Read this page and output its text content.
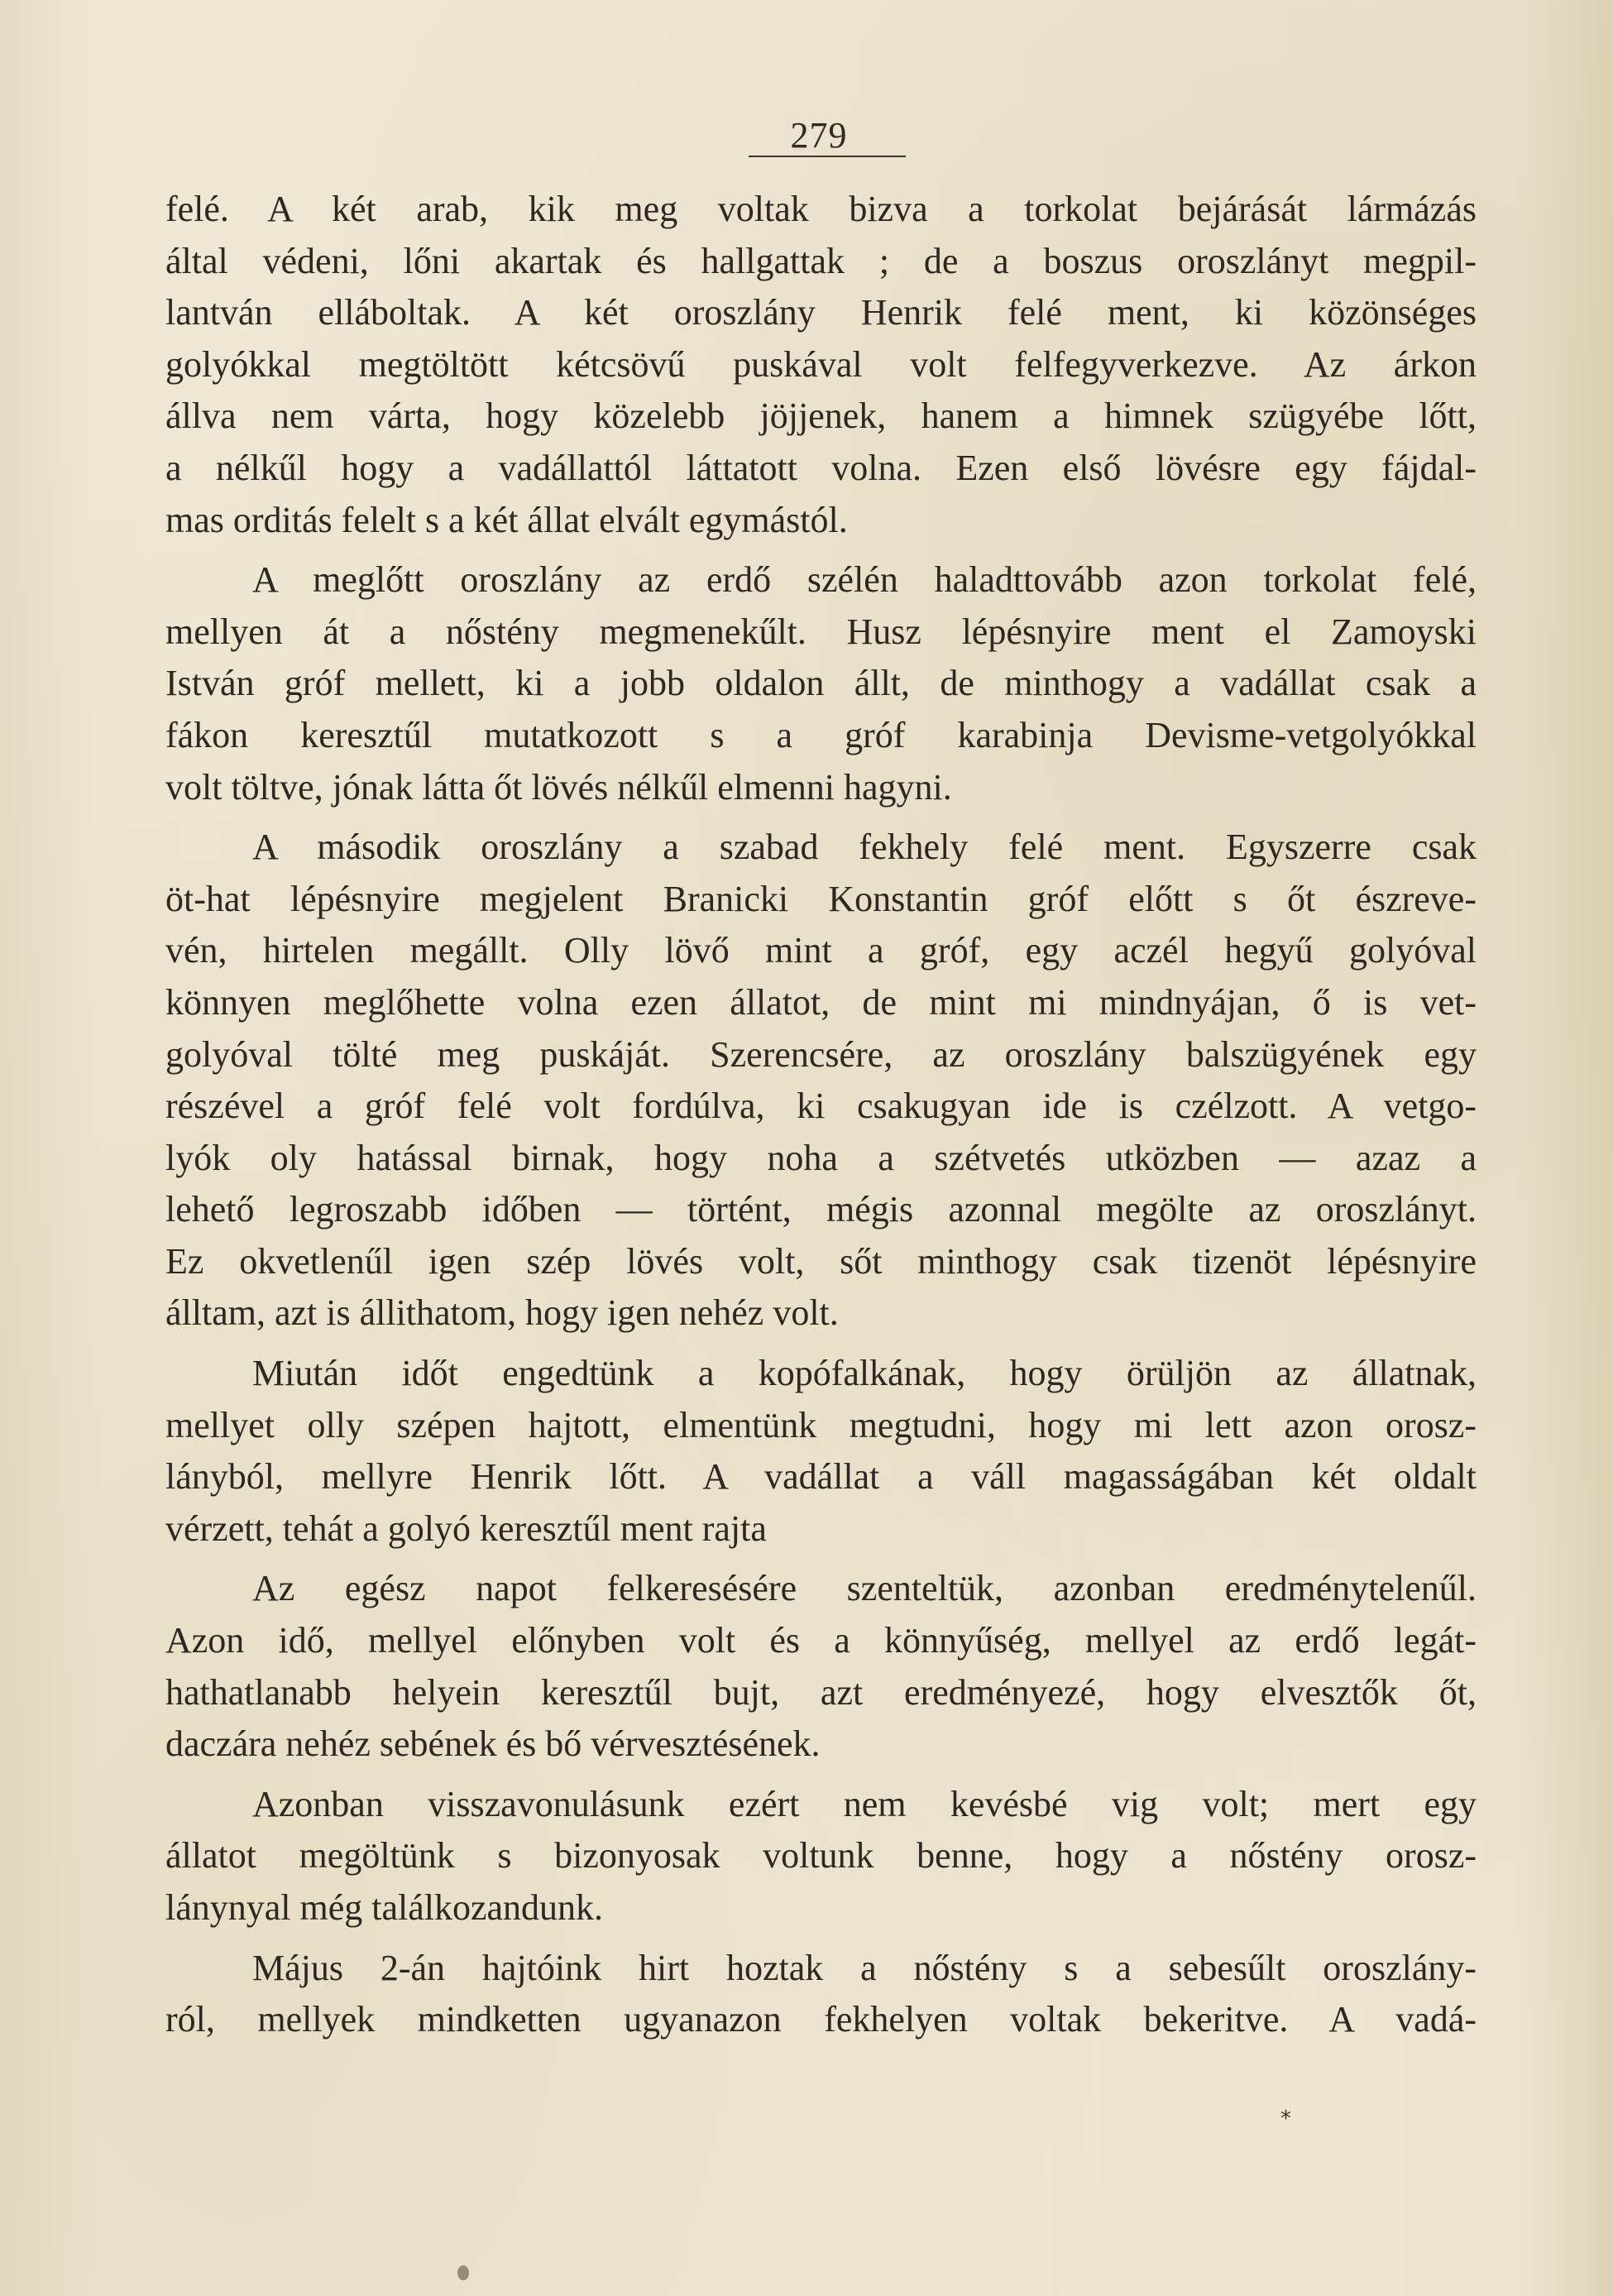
279
felé. A két arab, kik meg voltak bizva a torkolat bejárását lármázás
által védeni, lőni akartak és hallgattak ; de a boszus oroszlányt megpil-
lantván elláboltak. A két oroszlány Henrik felé ment, ki közönséges
golyókkal megtöltött kétcsövű puskával volt felfegyverkezve. Az árkon
állva nem várta, hogy közelebb jöjjenek, hanem a himnek szügyébe lőtt,
a nélkűl hogy a vadállattól láttatott volna. Ezen első lövésre egy fájdal-
mas orditás felelt s a két állat elvált egymástól.
A meglőtt oroszlány az erdő szélén haladttovább azon torkolat felé,
mellyen át a nőstény megmenekűlt. Husz lépésnyire ment el Zamoyski
István gróf mellett, ki a jobb oldalon állt, de minthogy a vadállat csak a
fákon keresztűl mutatkozott s a gróf karabinja Devisme-vetgolyókkal
volt töltve, jónak látta őt lövés nélkűl elmenni hagyni.
A második oroszlány a szabad fekhely felé ment. Egyszerre csak
öt-hat lépésnyire megjelent Branicki Konstantin gróf előtt s őt észreve-
vén, hirtelen megállt. Olly lövő mint a gróf, egy aczél hegyű golyóval
könnyen meglőhette volna ezen állatot, de mint mi mindnyájan, ő is vet-
golyóval tölté meg puskáját. Szerencsére, az oroszlány balszügyének egy
részével a gróf felé volt fordúlva, ki csakugyan ide is czélzott. A vetgo-
lyók oly hatással birnak, hogy noha a szétvetés utközben — azaz a
lehető legroszabb időben — történt, mégis azonnal megölte az oroszlányt.
Ez okvetlenűl igen szép lövés volt, sőt minthogy csak tizenöt lépésnyire
álltam, azt is állithatom, hogy igen nehéz volt.
Miután időt engedtünk a kopófalkának, hogy örüljön az állatnak,
mellyet olly szépen hajtott, elmentünk megtudni, hogy mi lett azon orosz-
lányból, mellyre Henrik lőtt. A vadállat a váll magasságában két oldalt
vérzett, tehát a golyó keresztűl ment rajta
Az egész napot felkeresésére szenteltük, azonban eredménytelenűl.
Azon idő, mellyel előnyben volt és a könnyűség, mellyel az erdő legát-
hathatlanabb helyein keresztűl bujt, azt eredményezé, hogy elvesztők őt,
daczára nehéz sebének és bő vérvesztésének.
Azonban visszavonulásunk ezért nem kevésbé vig volt; mert egy
állatot megöltünk s bizonyosak voltunk benne, hogy a nőstény orosz-
lánynyal még találkozandunk.
Május 2-án hajtóink hirt hoztak a nőstény s a sebesűlt oroszlány-
ról, mellyek mindketten ugyanazon fekhelyen voltak bekeritve. A vadá-
*
